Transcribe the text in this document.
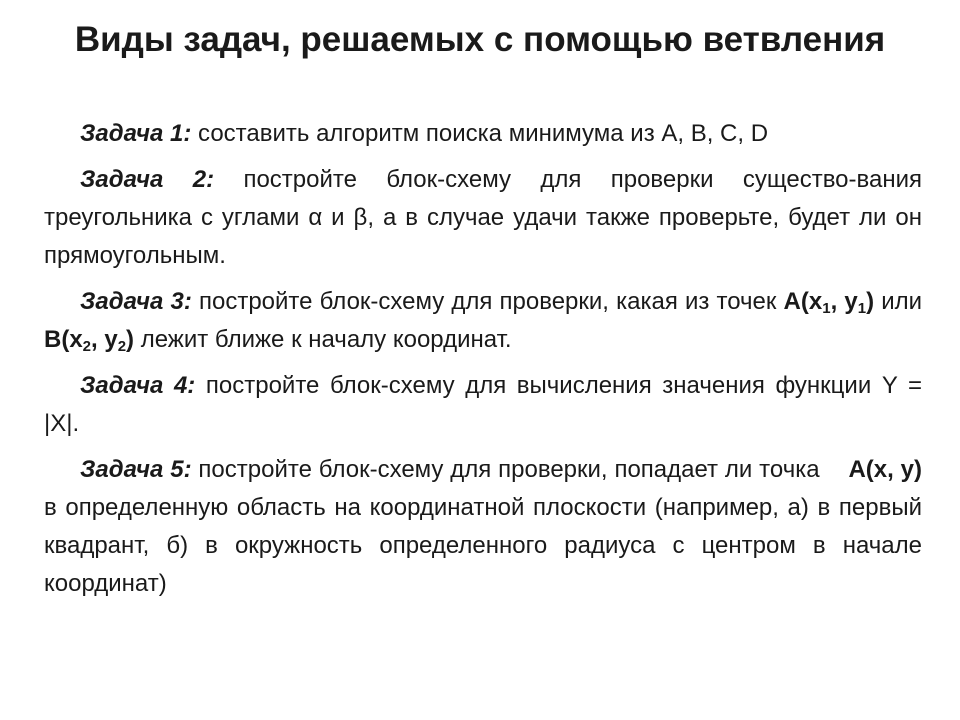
Виды задач, решаемых с помощью ветвления

Задача 1: составить алгоритм поиска минимума из A, B, C, D

Задача 2: постройте блок-схему для проверки существо-вания треугольника с углами α и β, а в случае удачи также проверьте, будет ли он прямоугольным.

Задача 3: постройте блок-схему для проверки, какая из точек $A(x_1$, $y_1$) или $B(x_2$, $y_2$) лежит ближе к началу координат.

Задача 4: постройте блок-схему для вычисления значения функции Y = |X|.

Задача 5: постройте блок-схему для проверки, попадает ли точка A(x, y) в определенную область на координатной плоскости (например, а) в первый квадрант, б) в окружность определенного радиуса с центром в начале координат)
